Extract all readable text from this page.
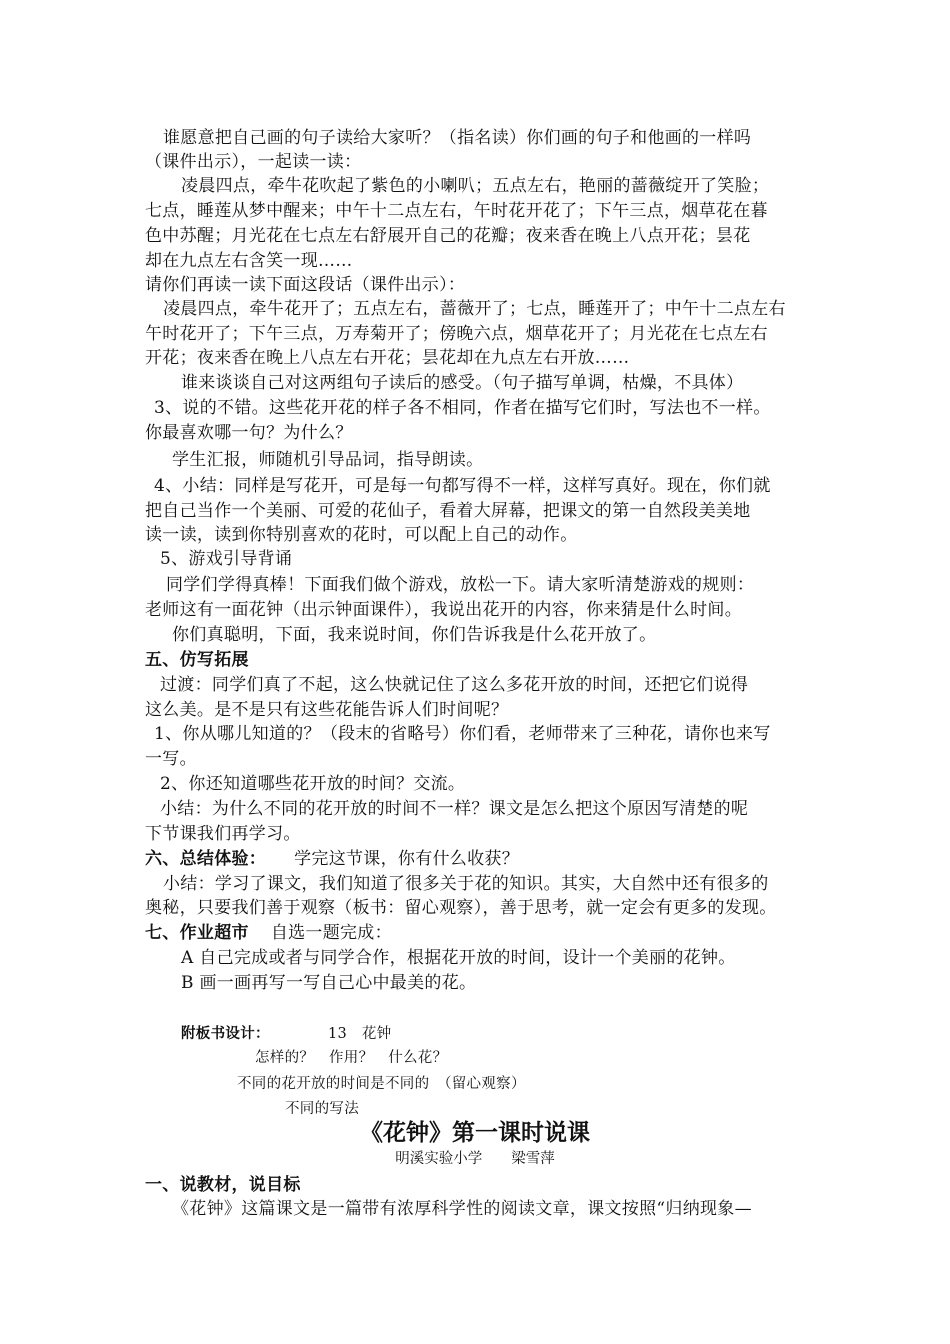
谁愿意把自己画的句子读给大家听？（指名读）你们画的句子和他画的一样吗
（课件出示），一起读一读：
凌晨四点，牵牛花吹起了紫色的小喇叭；五点左右，艳丽的蔷薇绽开了笑脸；
七点，睡莲从梦中醒来；中午十二点左右，午时花开花了；下午三点，烟草花在暮
色中苏醒；月光花在七点左右舒展开自己的花瓣；夜来香在晚上八点开花；昙花
却在九点左右含笑一现……
请你们再读一读下面这段话（课件出示）：
凌晨四点，牵牛花开了；五点左右，蔷薇开了；七点，睡莲开了；中午十二点左右
午时花开了；下午三点，万寿菊开了；傍晚六点，烟草花开了；月光花在七点左右
开花；夜来香在晚上八点左右开花；昙花却在九点左右开放……
谁来谈谈自己对这两组句子读后的感受。（句子描写单调，枯燥，不具体）
3、说的不错。这些花开花的样子各不相同，作者在描写它们时，写法也不一样。
你最喜欢哪一句？为什么？
学生汇报，师随机引导品词，指导朗读。
4、小结：同样是写花开，可是每一句都写得不一样，这样写真好。现在，你们就
把自己当作一个美丽、可爱的花仙子，看着大屏幕，把课文的第一自然段美美地
读一读，读到你特别喜欢的花时，可以配上自己的动作。
5、游戏引导背诵
同学们学得真棒！下面我们做个游戏，放松一下。请大家听清楚游戏的规则：
老师这有一面花钟（出示钟面课件），我说出花开的内容，你来猜是什么时间。
你们真聪明，下面，我来说时间，你们告诉我是什么花开放了。
五、仿写拓展
过渡：同学们真了不起，这么快就记住了这么多花开放的时间，还把它们说得
这么美。是不是只有这些花能告诉人们时间呢？
1、你从哪儿知道的？（段末的省略号）你们看，老师带来了三种花，请你也来写
一写。
2、你还知道哪些花开放的时间？交流。
小结：为什么不同的花开放的时间不一样？课文是怎么把这个原因写清楚的呢
下节课我们再学习。
六、总结体验： 学完这节课，你有什么收获？
小结：学习了课文，我们知道了很多关于花的知识。其实，大自然中还有很多的
奥秘，只要我们善于观察（板书：留心观察），善于思考，就一定会有更多的发现。
七、作业超市 自选一题完成：
A 自己完成或者与同学合作，根据花开放的时间，设计一个美丽的花钟。
B 画一画再写一写自己心中最美的花。
附板书设计：	13　花钟
怎样的？　作用？　什么花？
不同的花开放的时间是不同的　（留心观察）
不同的写法
《花钟》第一课时说课
明溪实验小学　　梁雪萍
一、说教材，说目标
《花钟》这篇课文是一篇带有浓厚科学性的阅读文章，课文按照“归纳现象—
